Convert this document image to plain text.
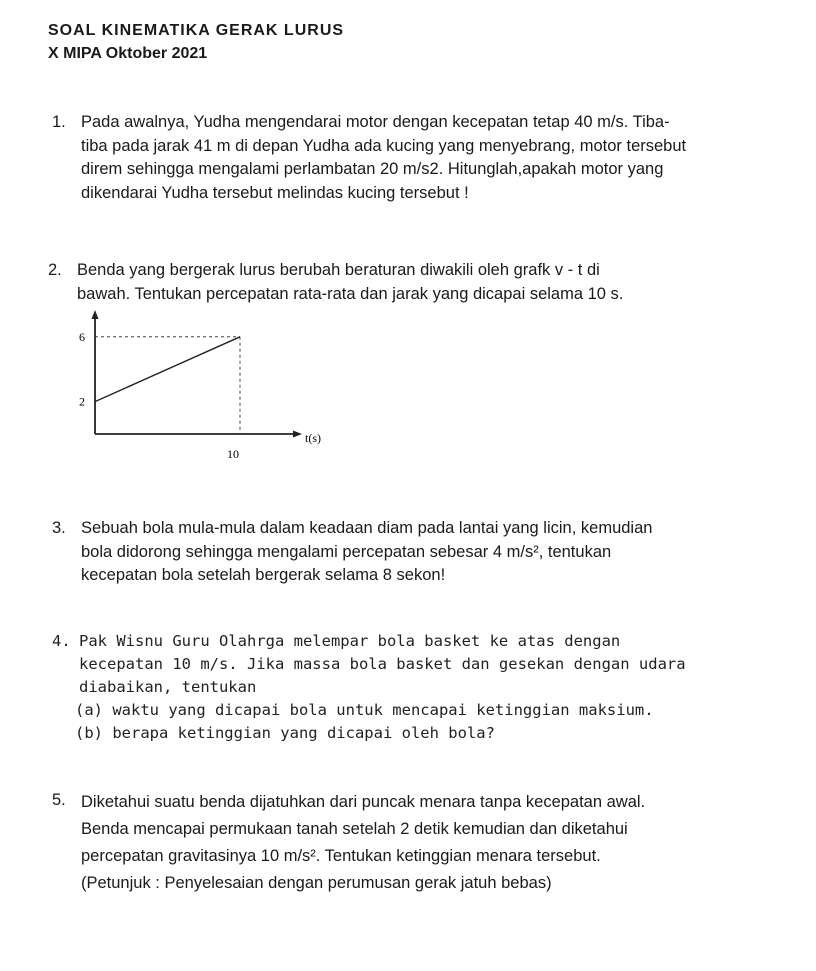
SOAL KINEMATIKA GERAK LURUS
X MIPA Oktober 2021
1. Pada awalnya, Yudha mengendarai motor dengan kecepatan tetap 40 m/s. Tiba-
tiba pada jarak 41 m di depan Yudha ada kucing yang menyebrang, motor tersebut
direm sehingga mengalami perlambatan 20 m/s2. Hitunglah,apakah motor yang
dikendarai Yudha tersebut melindas kucing tersebut !
2. Benda yang bergerak lurus berubah beraturan diwakili oleh grafk v - t di
bawah. Tentukan percepatan rata-rata dan jarak yang dicapai selama 10 s.
2
6
10
t(s)
3. Sebuah bola mula-mula dalam keadaan diam pada lantai yang licin, kemudian
bola didorong sehingga mengalami percepatan sebesar 4 m/s², tentukan
kecepatan bola setelah bergerak selama 8 sekon!
4. Pak Wisnu Guru Olahrga melempar bola basket ke atas dengan
kecepatan 10 m/s. Jika massa bola basket dan gesekan dengan udara
diabaikan, tentukan
(a) waktu yang dicapai bola untuk mencapai ketinggian maksium.
(b) berapa ketinggian yang dicapai oleh bola?
5. Diketahui suatu benda dijatuhkan dari puncak menara tanpa kecepatan awal.
Benda mencapai permukaan tanah setelah 2 detik kemudian dan diketahui
percepatan gravitasinya 10 m/s². Tentukan ketinggian menara tersebut.
(Petunjuk : Penyelesaian dengan perumusan gerak jatuh bebas)
